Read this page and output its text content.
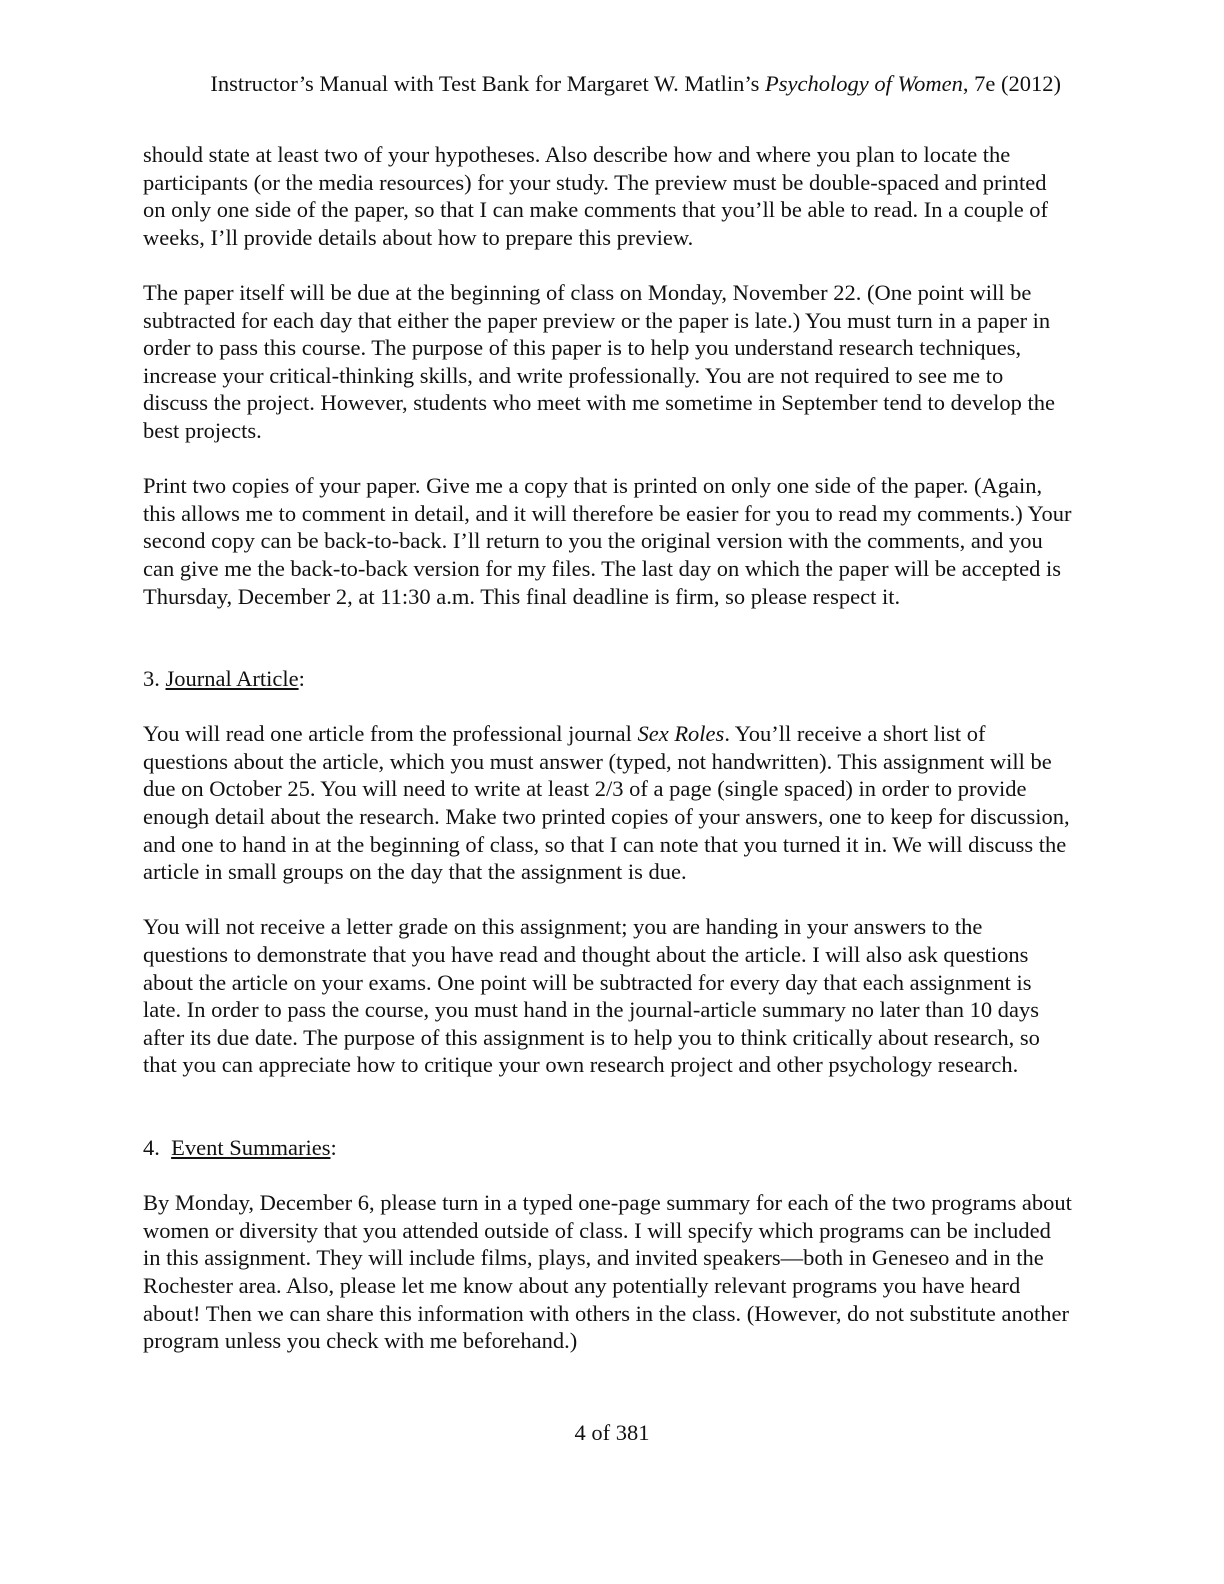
Instructor’s Manual with Test Bank for Margaret W. Matlin’s Psychology of Women, 7e (2012)

should state at least two of your hypotheses. Also describe how and where you plan to locate the participants (or the media resources) for your study. The preview must be double-spaced and printed on only one side of the paper, so that I can make comments that you’ll be able to read. In a couple of weeks, I’ll provide details about how to prepare this preview.

The paper itself will be due at the beginning of class on Monday, November 22. (One point will be subtracted for each day that either the paper preview or the paper is late.) You must turn in a paper in order to pass this course. The purpose of this paper is to help you understand research techniques, increase your critical-thinking skills, and write professionally. You are not required to see me to discuss the project. However, students who meet with me sometime in September tend to develop the best projects.

Print two copies of your paper. Give me a copy that is printed on only one side of the paper. (Again, this allows me to comment in detail, and it will therefore be easier for you to read my comments.) Your second copy can be back-to-back. I’ll return to you the original version with the comments, and you can give me the back-to-back version for my files. The last day on which the paper will be accepted is Thursday, December 2, at 11:30 a.m. This final deadline is firm, so please respect it.

3. Journal Article:

You will read one article from the professional journal Sex Roles. You’ll receive a short list of questions about the article, which you must answer (typed, not handwritten). This assignment will be due on October 25. You will need to write at least 2/3 of a page (single spaced) in order to provide enough detail about the research. Make two printed copies of your answers, one to keep for discussion, and one to hand in at the beginning of class, so that I can note that you turned it in. We will discuss the article in small groups on the day that the assignment is due.

You will not receive a letter grade on this assignment; you are handing in your answers to the questions to demonstrate that you have read and thought about the article. I will also ask questions about the article on your exams. One point will be subtracted for every day that each assignment is late. In order to pass the course, you must hand in the journal-article summary no later than 10 days after its due date. The purpose of this assignment is to help you to think critically about research, so that you can appreciate how to critique your own research project and other psychology research.

4.  Event Summaries:

By Monday, December 6, please turn in a typed one-page summary for each of the two programs about women or diversity that you attended outside of class. I will specify which programs can be included in this assignment. They will include films, plays, and invited speakers—both in Geneseo and in the Rochester area. Also, please let me know about any potentially relevant programs you have heard about! Then we can share this information with others in the class. (However, do not substitute another program unless you check with me beforehand.)

4 of 381
